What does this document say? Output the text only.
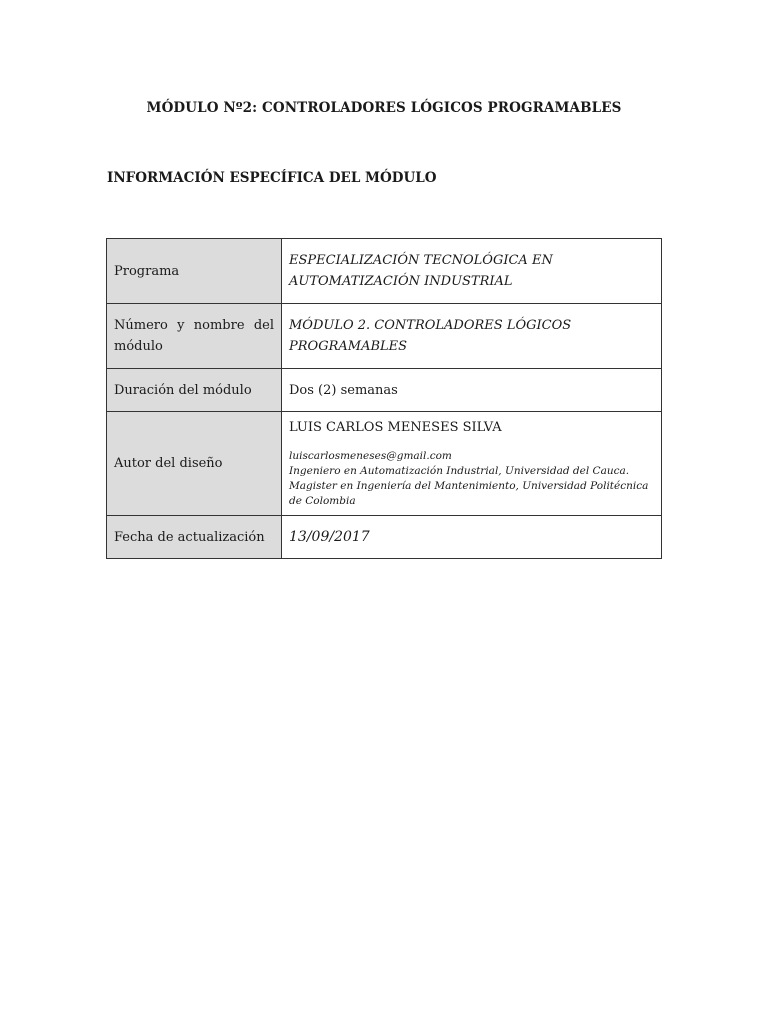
MÓDULO Nº2: CONTROLADORES LÓGICOS PROGRAMABLES
INFORMACIÓN ESPECÍFICA DEL MÓDULO
Programa	ESPECIALIZACIÓN TECNOLÓGICA EN AUTOMATIZACIÓN INDUSTRIAL
Número y nombre del módulo	MÓDULO 2. CONTROLADORES LÓGICOS PROGRAMABLES
Duración del módulo	Dos (2) semanas
Autor del diseño	LUIS CARLOS MENESES SILVA
luiscarlosmeneses@gmail.com
Ingeniero en Automatización Industrial, Universidad del Cauca.
Magister en Ingeniería del Mantenimiento, Universidad Politécnica de Colombia

Fecha de actualización	13/09/2017
